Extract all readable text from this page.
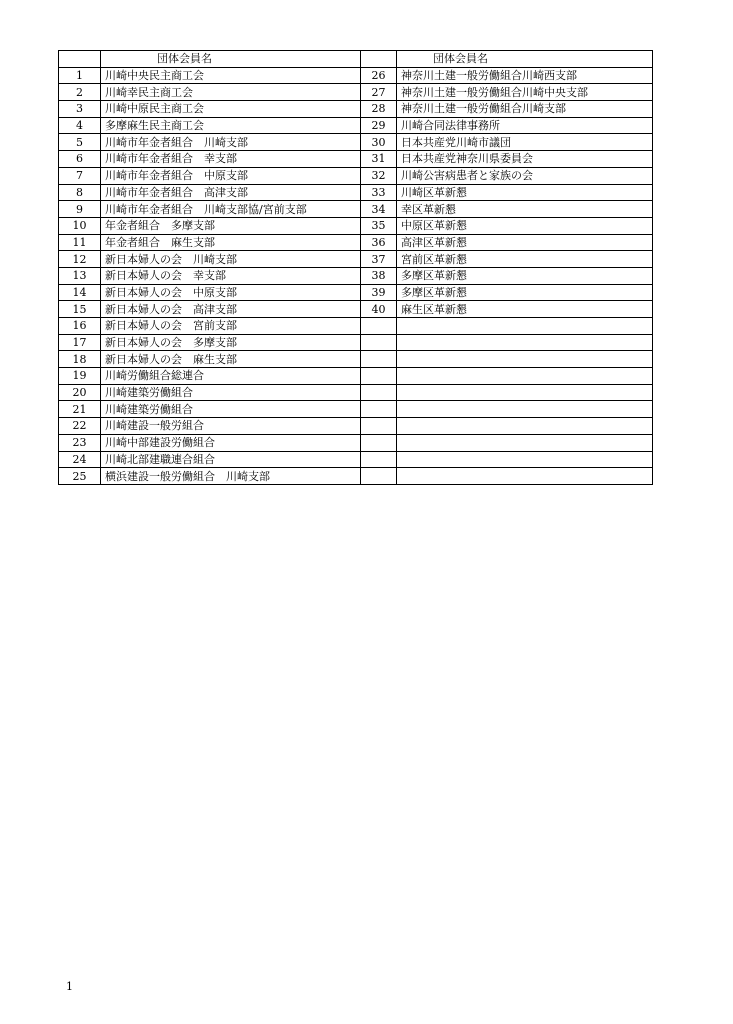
	団体会員名		団体会員名
1	川崎中央民主商工会	26	神奈川土建一般労働組合川崎西支部
2	川崎幸民主商工会	27	神奈川土建一般労働組合川崎中央支部
3	川崎中原民主商工会	28	神奈川土建一般労働組合川崎支部
4	多摩麻生民主商工会	29	川崎合同法律事務所
5	川崎市年金者組合　川崎支部	30	日本共産党川崎市議団
6	川崎市年金者組合　幸支部	31	日本共産党神奈川県委員会
7	川崎市年金者組合　中原支部	32	川崎公害病患者と家族の会
8	川崎市年金者組合　高津支部	33	川崎区革新懇
9	川崎市年金者組合　川崎支部協/宮前支部	34	幸区革新懇
10	年金者組合　多摩支部	35	中原区革新懇
11	年金者組合　麻生支部	36	高津区革新懇
12	新日本婦人の会　川崎支部	37	宮前区革新懇
13	新日本婦人の会　幸支部	38	多摩区革新懇
14	新日本婦人の会　中原支部	39	多摩区革新懇
15	新日本婦人の会　高津支部	40	麻生区革新懇
16	新日本婦人の会　宮前支部		
17	新日本婦人の会　多摩支部		
18	新日本婦人の会　麻生支部		
19	川崎労働組合総連合		
20	川崎建築労働組合		
21	川崎建築労働組合		
22	川崎建設一般労組合		
23	川崎中部建設労働組合		
24	川崎北部建職連合組合		
25	横浜建設一般労働組合　川崎支部		
1
